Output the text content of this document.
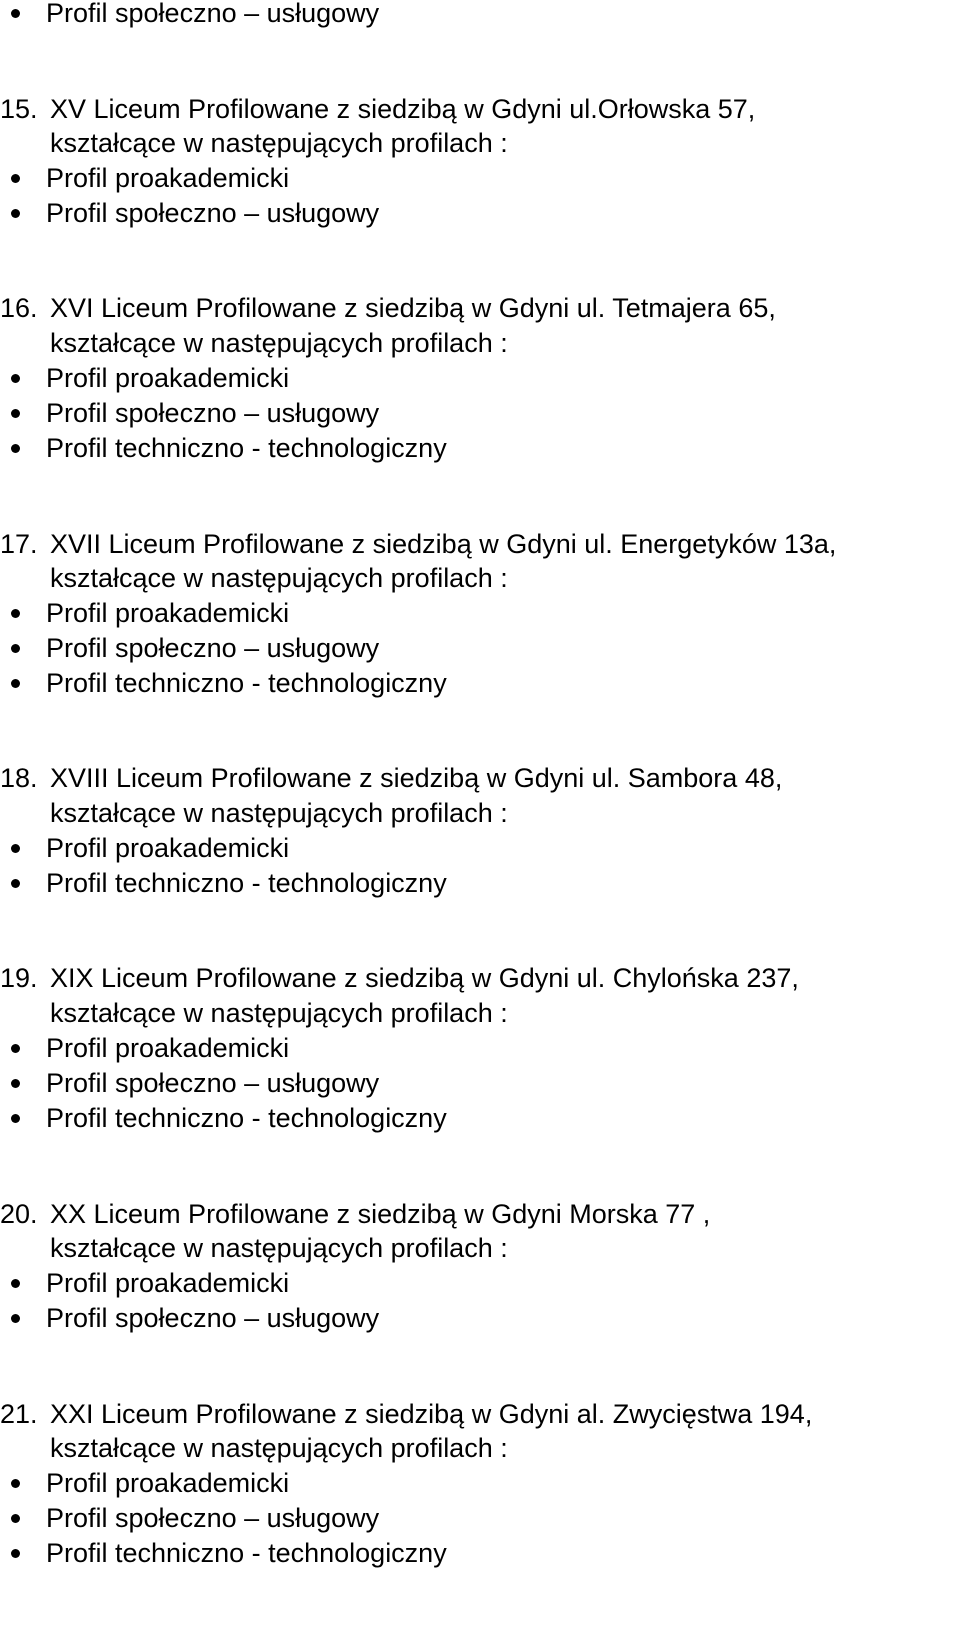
Profil społeczno – usługowy
15. XV Liceum Profilowane z siedzibą w Gdyni ul.Orłowska 57,
kształcące w następujących profilach :
Profil proakademicki
Profil społeczno – usługowy
16. XVI Liceum Profilowane z siedzibą w Gdyni ul. Tetmajera 65,
kształcące w następujących profilach :
Profil proakademicki
Profil społeczno – usługowy
Profil techniczno - technologiczny
17. XVII Liceum Profilowane z siedzibą w Gdyni ul. Energetyków 13a,
kształcące w następujących profilach :
Profil proakademicki
Profil społeczno – usługowy
Profil techniczno - technologiczny
18. XVIII Liceum Profilowane z siedzibą w Gdyni ul. Sambora 48,
kształcące w następujących profilach :
Profil proakademicki
Profil techniczno - technologiczny
19. XIX Liceum Profilowane z siedzibą w Gdyni ul. Chylońska 237,
kształcące w następujących profilach :
Profil proakademicki
Profil społeczno – usługowy
Profil techniczno - technologiczny
20. XX Liceum Profilowane z siedzibą w Gdyni Morska 77 ,
kształcące w następujących profilach :
Profil proakademicki
Profil społeczno – usługowy
21. XXI Liceum Profilowane z siedzibą w Gdyni al. Zwycięstwa 194,
kształcące w następujących profilach :
Profil proakademicki
Profil społeczno – usługowy
Profil techniczno - technologiczny
